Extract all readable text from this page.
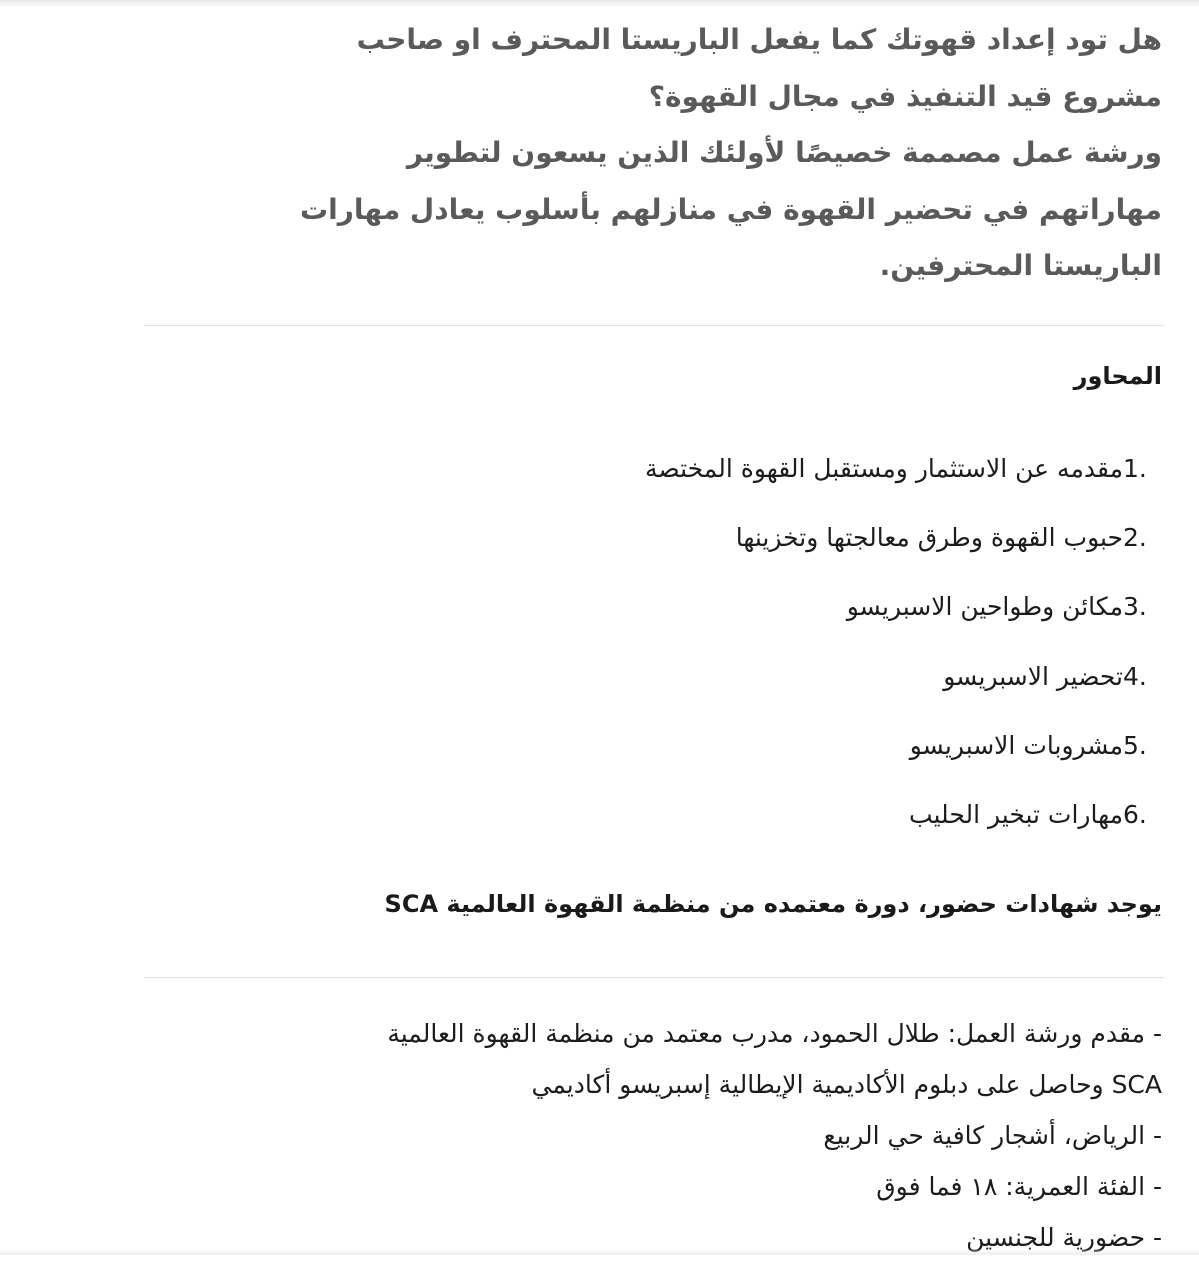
هل تود إعداد قهوتك كما يفعل الباريستا المحترف او صاحب
مشروع قيد التنفيذ في مجال القهوة؟
ورشة عمل مصممة خصيصًا لأولئك الذين يسعون لتطوير
مهاراتهم في تحضير القهوة في منازلهم بأسلوب يعادل مهارات
الباريستا المحترفين.
المحاور
1.
مقدمه عن الاستثمار ومستقبل القهوة المختصة
2.
حبوب القهوة وطرق معالجتها وتخزينها
3.
مكائن وطواحين الاسبريسو
4.
تحضير الاسبريسو
5.
مشروبات الاسبريسو
6.
مهارات تبخير الحليب
يوجد شهادات حضور، دورة معتمده من منظمة القهوة العالمية SCA
- مقدم ورشة العمل: طلال الحمود، مدرب معتمد من منظمة القهوة العالمية
SCA وحاصل على دبلوم الأكاديمية الإيطالية إسبريسو أكاديمي
- الرياض، أشجار كافية حي الربيع
- الفئة العمرية: ١٨ فما فوق
- حضورية للجنسين
